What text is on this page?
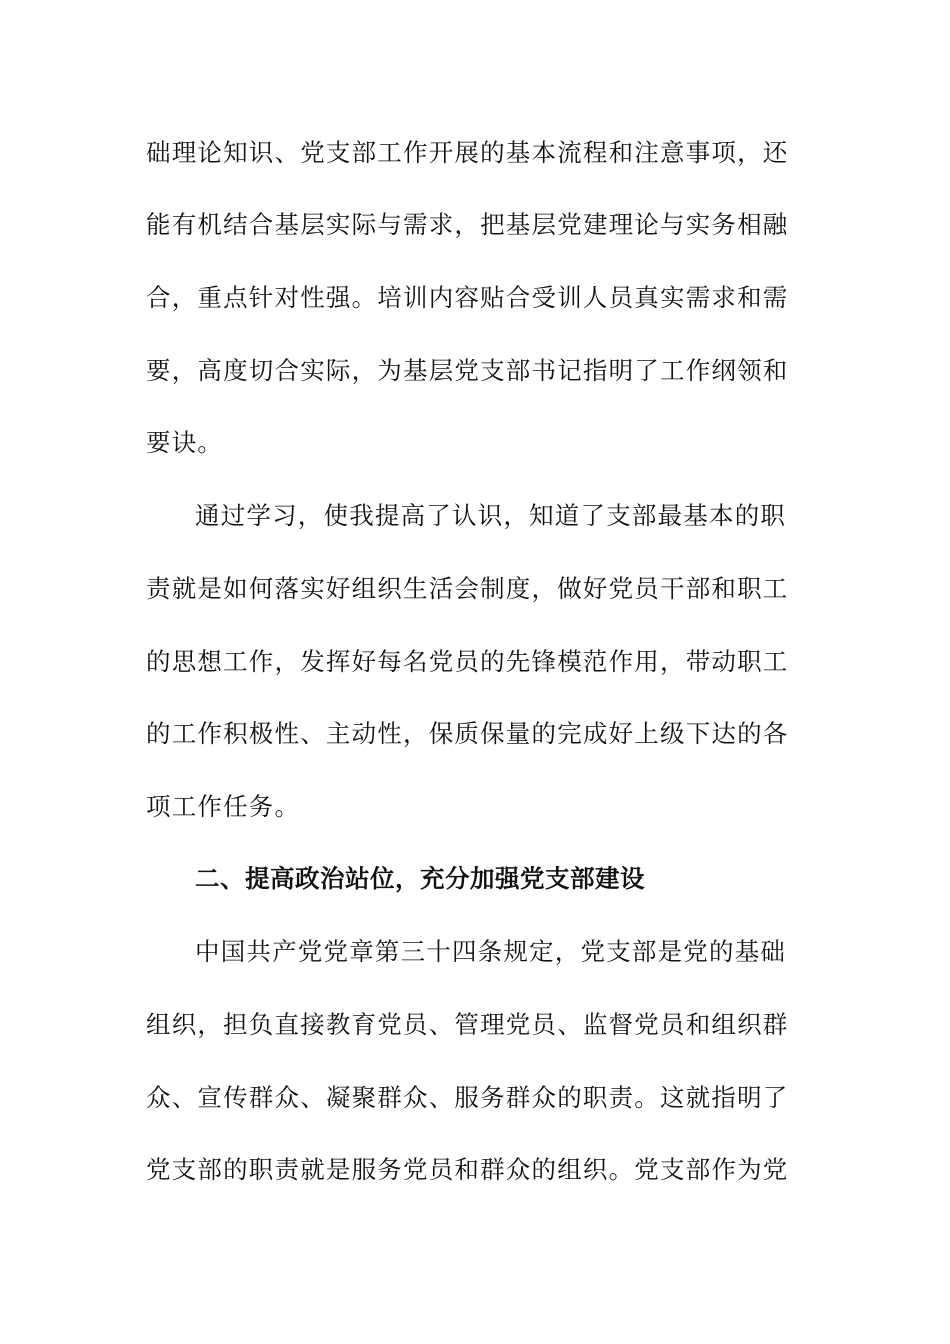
础理论知识、党支部工作开展的基本流程和注意事项，还
能有机结合基层实际与需求，把基层党建理论与实务相融
合，重点针对性强。培训内容贴合受训人员真实需求和需
要，高度切合实际，为基层党支部书记指明了工作纲领和
要诀。
通过学习，使我提高了认识，知道了支部最基本的职
责就是如何落实好组织生活会制度，做好党员干部和职工
的思想工作，发挥好每名党员的先锋模范作用，带动职工
的工作积极性、主动性，保质保量的完成好上级下达的各
项工作任务。
二、提高政治站位，充分加强党支部建设
中国共产党党章第三十四条规定，党支部是党的基础
组织，担负直接教育党员、管理党员、监督党员和组织群
众、宣传群众、凝聚群众、服务群众的职责。这就指明了
党支部的职责就是服务党员和群众的组织。党支部作为党
